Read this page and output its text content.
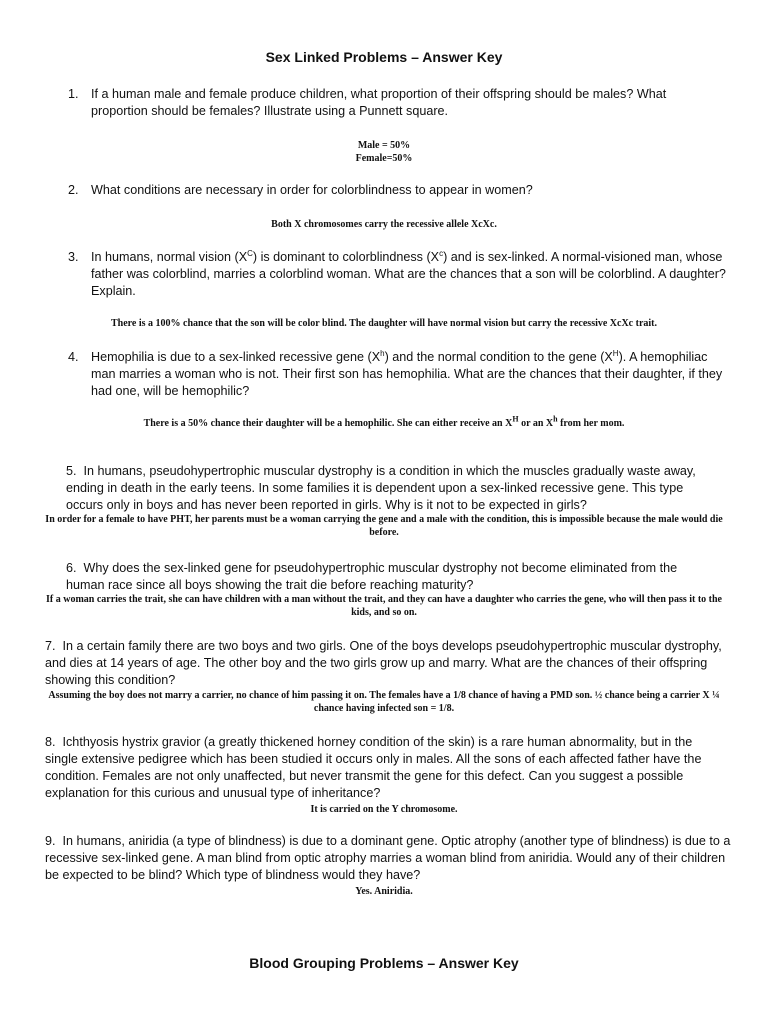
Sex Linked Problems – Answer Key
1. If a human male and female produce children, what proportion of their offspring should be males? What proportion should be females? Illustrate using a Punnett square.
Male = 50%
Female=50%
2. What conditions are necessary in order for colorblindness to appear in women?
Both X chromosomes carry the recessive allele XcXc.
3. In humans, normal vision $(X^C)$ is dominant to colorblindness $(X^c)$ and is sex-linked. A normal-visioned man, whose father was colorblind, marries a colorblind woman. What are the chances that a son will be colorblind. A daughter? Explain.
There is a 100% chance that the son will be color blind. The daughter will have normal vision but carry the recessive XcXc trait.
4. Hemophilia is due to a sex-linked recessive gene $(X^h)$ and the normal condition to the gene $(X^H)$. A hemophiliac man marries a woman who is not. Their first son has hemophilia. What are the chances that their daughter, if they had one, will be hemophilic?
There is a 50% chance their daughter will be a hemophilic. She can either receive an $X^H$ or an $X^h$ from her mom.
5. In humans, pseudohypertrophic muscular dystrophy is a condition in which the muscles gradually waste away, ending in death in the early teens. In some families it is dependent upon a sex-linked recessive gene. This type occurs only in boys and has never been reported in girls. Why is it not to be expected in girls?
In order for a female to have PHT, her parents must be a woman carrying the gene and a male with the condition, this is impossible because the male would die before.
6. Why does the sex-linked gene for pseudohypertrophic muscular dystrophy not become eliminated from the human race since all boys showing the trait die before reaching maturity?
If a woman carries the trait, she can have children with a man without the trait, and they can have a daughter who carries the gene, who will then pass it to the kids, and so on.
7. In a certain family there are two boys and two girls. One of the boys develops pseudohypertrophic muscular dystrophy, and dies at 14 years of age. The other boy and the two girls grow up and marry. What are the chances of their offspring showing this condition?
Assuming the boy does not marry a carrier, no chance of him passing it on. The females have a 1/8 chance of having a PMD son. ½ chance being a carrier X ¼ chance having infected son = 1/8.
8. Ichthyosis hystrix gravior (a greatly thickened horney condition of the skin) is a rare human abnormality, but in the single extensive pedigree which has been studied it occurs only in males. All the sons of each affected father have the condition. Females are not only unaffected, but never transmit the gene for this defect. Can you suggest a possible explanation for this curious and unusual type of inheritance?
It is carried on the Y chromosome.
9. In humans, aniridia (a type of blindness) is due to a dominant gene. Optic atrophy (another type of blindness) is due to a recessive sex-linked gene. A man blind from optic atrophy marries a woman blind from aniridia. Would any of their children be expected to be blind? Which type of blindness would they have?
Yes. Aniridia.
Blood Grouping Problems – Answer Key
